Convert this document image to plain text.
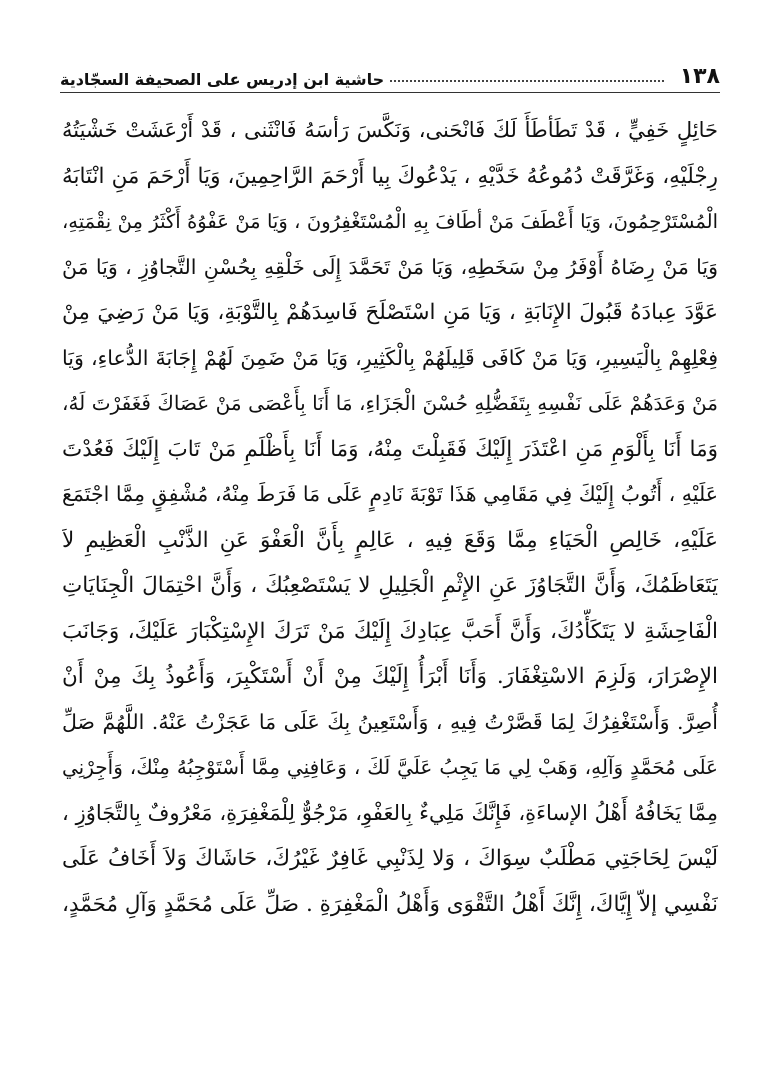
١٣٨
حاشية ابن إدريس على الصحيفة السجّادية
حَائِلٍ خَفِيٍّ ، قَدْ تَطَأطَأَ لَكَ فَانْحَنى، وَنَكَّسَ رَأسَهُ فَانْثَنى ، قَدْ أَرْعَشَتْ خَشْيَتُهُ
رِجْلَيْهِ، وَغَرَّقَتْ دُمُوعُهُ خَدَّيْهِ ، يَدْعُوكَ بِيا أَرْحَمَ الرَّاحِمِينَ، وَيَا أَرْحَمَ مَنِ انْتَابَهُ
الْمُسْتَرْحِمُونَ، وَيَا أَعْطَفَ مَنْ أطَافَ بِهِ الْمُسْتَغْفِرُونَ ، وَيَا مَنْ عَفْوُهُ أَكْثَرُ مِنْ نِقْمَتِهِ،
وَيَا مَنْ رِضَاهُ أَوْفَرُ مِنْ سَخَطِهِ، وَيَا مَنْ تَحَمَّدَ إِلَى خَلْقِهِ بِحُسْنِ التَّجاوُزِ ، وَيَا مَنْ
عَوَّدَ عِبادَهُ قَبُولَ الإِنَابَةِ ، وَيَا مَنِ اسْتَصْلَحَ فَاسِدَهُمْ بِالتَّوْبَةِ، وَيَا مَنْ رَضِيَ مِنْ
فِعْلِهِمْ بِالْيَسِيرِ، وَيَا مَنْ كَافَى قَلِيلَهُمْ بِالْكَثِيرِ، وَيَا مَنْ ضَمِنَ لَهُمْ إِجَابَةَ الدُّعاءِ، وَيَا
مَنْ وَعَدَهُمْ عَلَى نَفْسِهِ بِتَفَضُّلِهِ حُسْنَ الْجَزَاءِ، مَا أَنَا بِأَعْصَى مَنْ عَصَاكَ فَغَفَرْتَ لَهُ،
وَمَا أَنَا بِأَلْوَمِ مَنِ اعْتَذَرَ إِلَيْكَ فَقَبِلْتَ مِنْهُ، وَمَا أَنَا بِأَظْلَمِ مَنْ تَابَ إِلَيْكَ فَعُدْتَ
عَلَيْهِ ، أَتُوبُ إِلَيْكَ فِي مَقَامِي هَذَا تَوْبَةَ نَادِمٍ عَلَى مَا فَرَطَ مِنْهُ، مُشْفِقٍ مِمَّا اجْتَمَعَ
عَلَيْهِ، خَالِصِ الْحَيَاءِ مِمَّا وَقَعَ فِيهِ ، عَالِمٍ بِأَنَّ الْعَفْوَ عَنِ الذَّنْبِ الْعَظِيمِ لاَ
يَتَعَاظَمُكَ، وَأَنَّ التَّجَاوُزَ عَنِ الإِثْمِ الْجَلِيلِ لا يَسْتَصْعِبُكَ ، وَأَنَّ احْتِمَالَ الْجِنَايَاتِ
الْفَاحِشَةِ لا يَتَكَأَّدُكَ، وَأَنَّ أَحَبَّ عِبَادِكَ إِلَيْكَ مَنْ تَرَكَ الإِسْتِكْبَارَ عَلَيْكَ، وَجَانَبَ
الإِصْرَارَ، وَلَزِمَ الاسْتِغْفَارَ. وَأَنَا أَبْرَأُ إِلَيْكَ مِنْ أَنْ أَسْتَكْبِرَ، وَأَعُوذُ بِكَ مِنْ أَنْ
أُصِرَّ. وَأَسْتَغْفِرُكَ لِمَا قَصَّرْتُ فِيهِ ، وَأَسْتَعِينُ بِكَ عَلَى مَا عَجَزْتُ عَنْهُ. اللَّهُمَّ صَلِّ
عَلَى مُحَمَّدٍ وَآلِهِ، وَهَبْ لِي مَا يَجِبُ عَلَيَّ لَكَ ، وَعَافِنِي مِمَّا أَسْتَوْجِبُهُ مِنْكَ، وَأَجِرْنِي
مِمَّا يَخَافُهُ أَهْلُ الإساءَةِ، فَإِنَّكَ مَلِيءٌ بِالعَفْوِ، مَرْجُوٌّ لِلْمَغْفِرَةِ، مَعْرُوفٌ بِالتَّجَاوُزِ ،
لَيْسَ لِحَاجَتِي مَطْلَبٌ سِوَاكَ ، وَلا لِذَنْبِي غَافِرٌ غَيْرُكَ، حَاشَاكَ وَلاَ أَخَافُ عَلَى
نَفْسِي إلاّ إِيَّاكَ، إِنَّكَ أَهْلُ التَّقْوَى وَأَهْلُ الْمَغْفِرَةِ . صَلِّ عَلَى مُحَمَّدٍ وَآلِ مُحَمَّدٍ،
